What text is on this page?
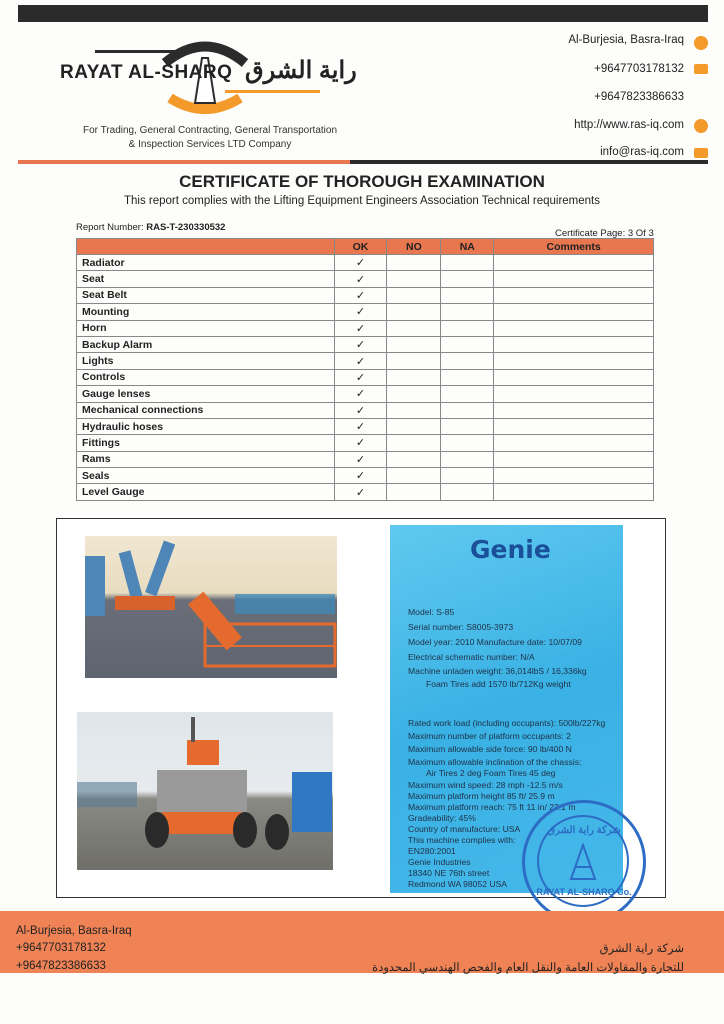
RAYAT AL-SHARQ راية الشرق
For Trading, General Contracting, General Transportation
& Inspection Services LTD Company
Al-Burjesia, Basra-Iraq
+9647703178132
+9647823386633
http://www.ras-iq.com
info@ras-iq.com
CERTIFICATE OF THOROUGH EXAMINATION
This report complies with the Lifting Equipment Engineers Association Technical requirements
Report Number: RAS-T-230330532
Certificate Page: 3 Of 3
	OK	NO	NA	Comments
Radiator	✓			
Seat	✓			
Seat Belt	✓			
Mounting	✓			
Horn	✓			
Backup Alarm	✓			
Lights	✓			
Controls	✓			
Gauge lenses	✓			
Mechanical connections	✓			
Hydraulic hoses	✓			
Fittings	✓			
Rams	✓			
Seals	✓			
Level Gauge	✓			
Genie
Model: S-85
Serial number: S8005-3973
Model year: 2010 Manufacture date: 10/07/09
Electrical schematic number: N/A
Machine unladen weight: 36,014lbS / 16,336kg
Foam Tires add 1570 lb/712Kg weight
Rated work load (including occupants): 500lb/227kg
Maximum number of platform occupants: 2
Maximum allowable side force: 90 lb/400 N
Maximum allowable inclination of the chassis:
Air Tires 2 deg Foam Tires 45 deg
Maximum wind speed: 28 mph -12.5 m/s
Maximum platform height 85 ft/ 25.9 m
Maximum platform reach: 75 ft 11 in/ 23.1 m
Gradeability: 45%
Country of manufacture: USA
This machine complies with:
EN280:2001
Genie Industries
18340 NE 76th street
Redmond WA 98052 USA
شركة راية الشرق
RAYAT AL-SHARQ Co.
Al-Burjesia, Basra-Iraq
+9647703178132
+9647823386633
شركة راية الشرق
للتجارة والمقاولات العامة والنقل العام والفحص الهندسي المحدودة
